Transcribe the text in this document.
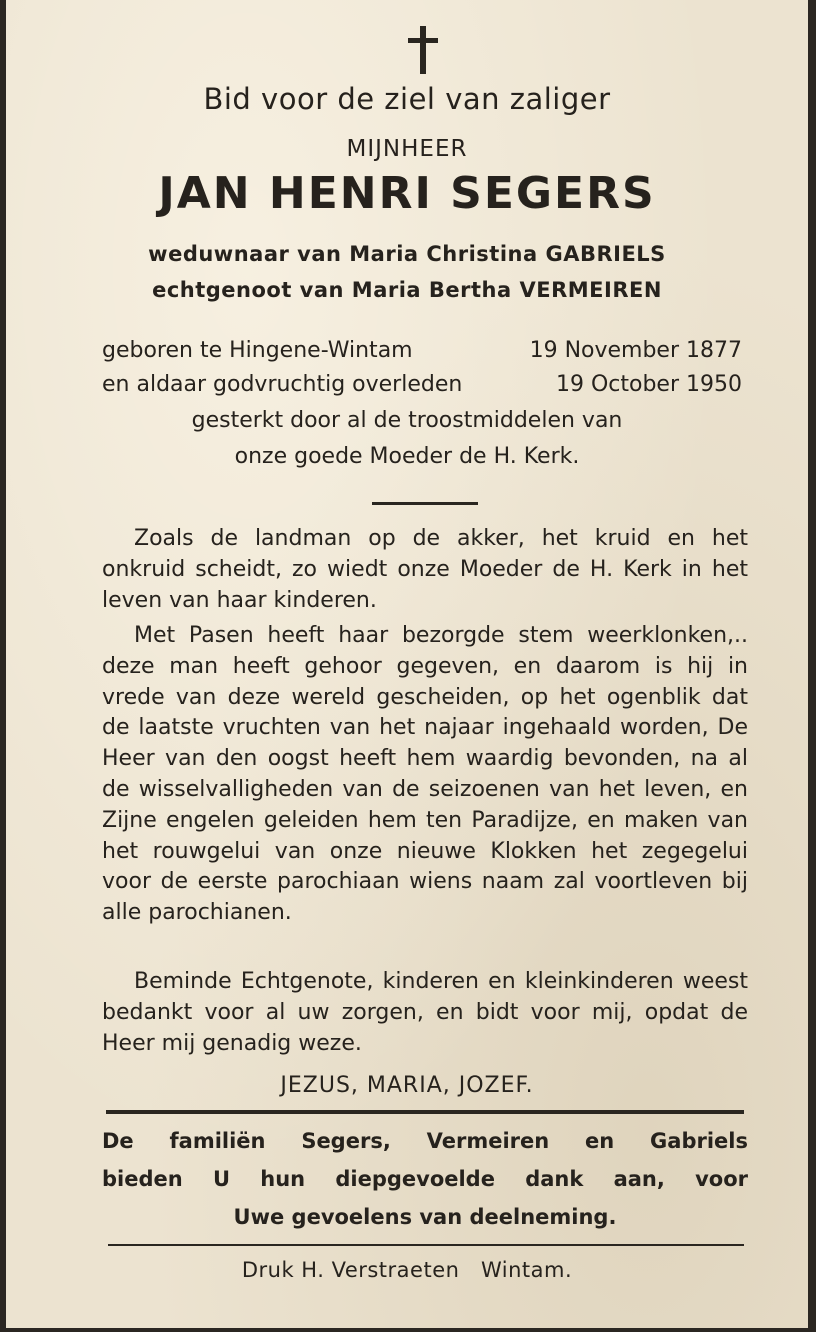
Bid voor de ziel van zaliger
MIJNHEER
JAN HENRI SEGERS
weduwnaar van Maria Christina GABRIELS
echtgenoot van Maria Bertha VERMEIREN
geboren te Hingene-Wintam	19 November 1877
en aldaar godvruchtig overleden	19 October 1950
gesterkt door al de troostmiddelen van
onze goede Moeder de H. Kerk.
Zoals de landman op de akker, het kruid en het onkruid scheidt, zo wiedt onze Moeder de H. Kerk in het leven van haar kinderen.
Met Pasen heeft haar bezorgde stem weerklonken,.. deze man heeft gehoor gegeven, en daarom is hij in vrede van deze wereld gescheiden, op het ogenblik dat de laatste vruchten van het najaar ingehaald worden, De Heer van den oogst heeft hem waardig bevonden, na al de wisselvalligheden van de seizoenen van het leven, en Zijne engelen geleiden hem ten Paradijze, en maken van het rouwgelui van onze nieuwe Klokken het zegegelui voor de eerste parochiaan wiens naam zal voortleven bij alle parochianen.
Beminde Echtgenote, kinderen en kleinkinderen weest bedankt voor al uw zorgen, en bidt voor mij, opdat de Heer mij genadig weze.
JEZUS, MARIA, JOZEF.
De familiën Segers, Vermeiren en Gabriels
bieden U hun diepgevoelde dank aan, voor
Uwe gevoelens van deelneming.
Druk H. Verstraeten   Wintam.
